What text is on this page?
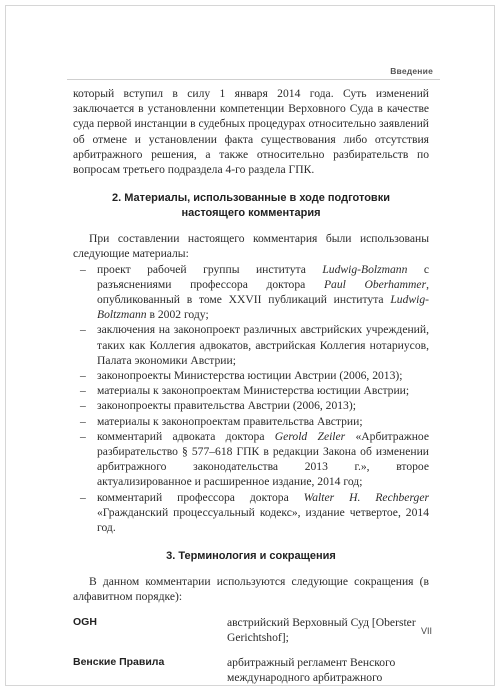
Введение

который вступил в силу 1 января 2014 года. Суть изменений заключается в установленни компетенции Верховного Суда в качестве суда первой инстанции в судебных процедурах относительно заявлений об отмене и установлении факта существования либо отсутствия арбитражного решения, а также относительно разбирательств по вопросам третьего подраздела 4-го раздела ГПК.

2. Материалы, использованные в ходе подготовки
настоящего комментария

При составлении настоящего комментария были использованы следующие материалы:

– проект рабочей группы института Ludwig-Bolzmann с разъяснениями профессора доктора Paul Oberhammer, опубликованный в томе XXVII публикаций института Ludwig-Boltzmann в 2002 году;
– заключения на законопроект различных австрийских учреждений, таких как Коллегия адвокатов, австрийская Коллегия нотариусов, Палата экономики Австрии;
– законопроекты Министерства юстиции Австрии (2006, 2013);
– материалы к законопроектам Министерства юстиции Австрии;
– законопроекты правительства Австрии (2006, 2013);
– материалы к законопроектам правительства Австрии;
– комментарий адвоката доктора Gerold Zeiler «Арбитражное разбирательство § 577–618 ГПК в редакции Закона об изменении арбитражного законодательства 2013 г.», второе актуализированное и расширенное издание, 2014 год;
– комментарий профессора доктора Walter H. Rechberger «Гражданский процессуальный кодекс», издание четвертое, 2014 год.
3. Терминология и сокращения

В данном комментарии используются следующие сокращения (в алфавитном порядке):

OGH	австрийский Верховный Суд [Oberster Gerichtshof];
Венские Правила	арбитражный регламент Венского международного арбитражного
VII
